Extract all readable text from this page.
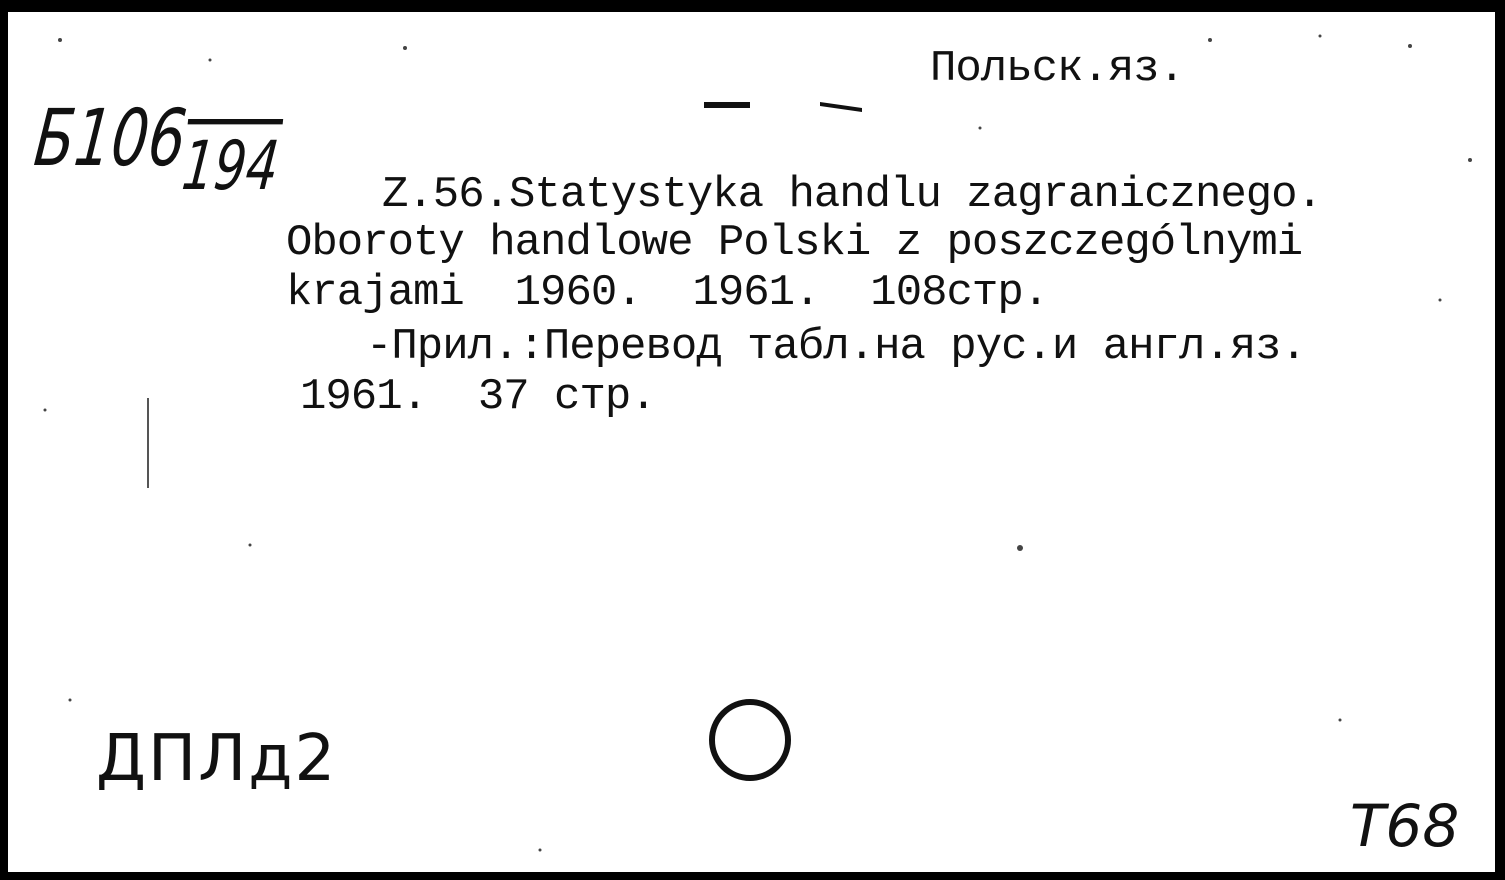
Польск.яз.
Б106194 Z.56.Statystyka handlu zagranicznego.
Oboroty handlowe Polski z poszczególnymi
krajami  1960.  1961.  108стр.
-Прил.:Перевод табл.на рус.и англ.яз.
1961.  37 стр.
ДПЛд2
Т68
